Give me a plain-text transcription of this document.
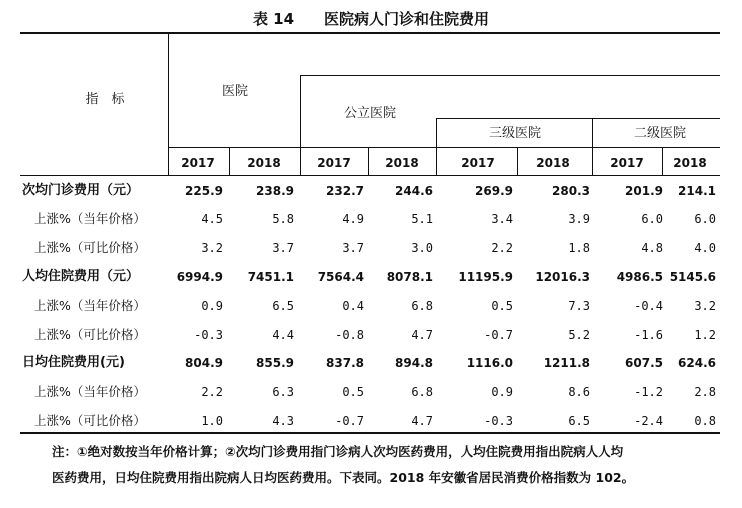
表 14　　医院病人门诊和住院费用
指　标
医院
公立医院
三级医院	二级医院
2017	2018	2017	2018	2017	2018	2017	2018
次均门诊费用（元）	225.9	238.9	232.7	244.6	269.9	280.3	201.9	214.1
上涨%（当年价格）	4.5	5.8	4.9	5.1	3.4	3.9	6.0	6.0
上涨%（可比价格）	3.2	3.7	3.7	3.0	2.2	1.8	4.8	4.0
人均住院费用（元）	6994.9	7451.1	7564.4	8078.1	11195.9	12016.3	4986.5 5145.6
上涨%（当年价格）	0.9	6.5	0.4	6.8	0.5	7.3	-0.4	3.2
上涨%（可比价格）	-0.3	4.4	-0.8	4.7	-0.7	5.2	-1.6	1.2
日均住院费用(元)	804.9	855.9	837.8	894.8	1116.0	1211.8	607.5	624.6
上涨%（当年价格）	2.2	6.3	0.5	6.8	0.9	8.6	-1.2	2.8
上涨%（可比价格）	1.0	4.3	-0.7	4.7	-0.3	6.5	-2.4	0.8
注：①绝对数按当年价格计算；②次均门诊费用指门诊病人次均医药费用，人均住院费用指出院病人人均
医药费用，日均住院费用指出院病人日均医药费用。下表同。2018 年安徽省居民消费价格指数为 102。
